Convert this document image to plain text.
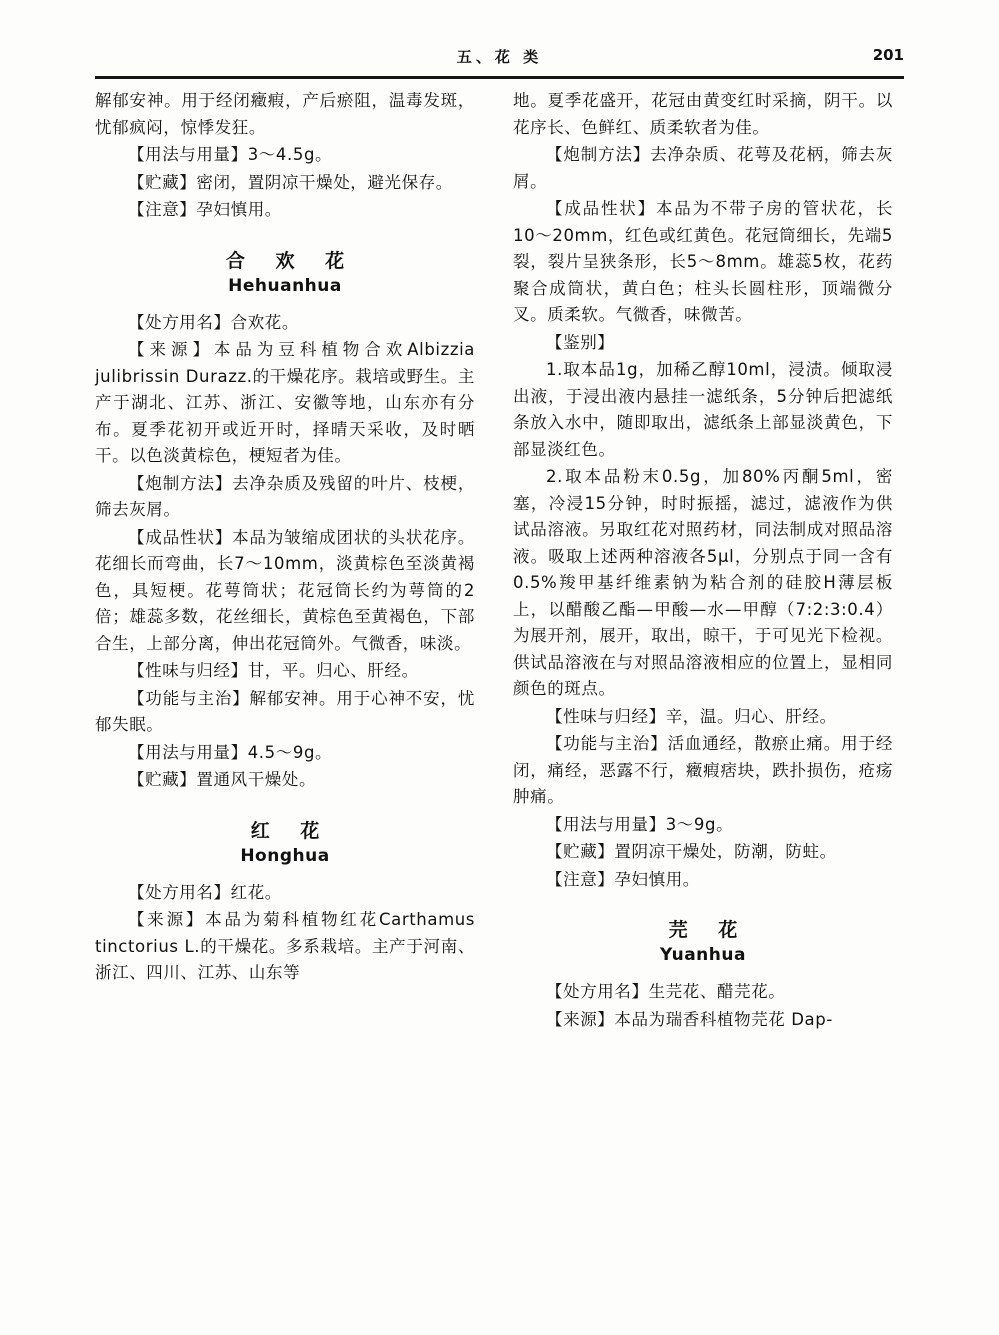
五、花 类	201

解郁安神。用于经闭癥瘕，产后瘀阻，温毒发斑，忧郁疯闷，惊悸发狂。

【用法与用量】3～4.5g。

【贮藏】密闭，置阴凉干燥处，避光保存。

【注意】孕妇慎用。

合 欢 花
Hehuanhua

【处方用名】合欢花。

【来源】本品为豆科植物合欢Albizzia julibrissin Durazz.的干燥花序。栽培或野生。主产于湖北、江苏、浙江、安徽等地，山东亦有分布。夏季花初开或近开时，择晴天采收，及时晒干。以色淡黄棕色，梗短者为佳。

【炮制方法】去净杂质及残留的叶片、枝梗，筛去灰屑。

【成品性状】本品为皱缩成团状的头状花序。花细长而弯曲，长7～10mm，淡黄棕色至淡黄褐色，具短梗。花萼筒状；花冠筒长约为萼筒的2倍；雄蕊多数，花丝细长，黄棕色至黄褐色，下部合生，上部分离，伸出花冠筒外。气微香，味淡。

【性味与归经】甘，平。归心、肝经。

【功能与主治】解郁安神。用于心神不安，忧郁失眠。

【用法与用量】4.5～9g。

【贮藏】置通风干燥处。

红 花
Honghua

【处方用名】红花。

【来源】本品为菊科植物红花Carthamus tinctorius L.的干燥花。多系栽培。主产于河南、浙江、四川、江苏、山东等

地。夏季花盛开，花冠由黄变红时采摘，阴干。以花序长、色鲜红、质柔软者为佳。

【炮制方法】去净杂质、花萼及花柄，筛去灰屑。

【成品性状】本品为不带子房的管状花，长10～20mm，红色或红黄色。花冠筒细长，先端5裂，裂片呈狭条形，长5～8mm。雄蕊5枚，花药聚合成筒状，黄白色；柱头长圆柱形，顶端微分叉。质柔软。气微香，味微苦。

【鉴别】

1.取本品1g，加稀乙醇10ml，浸渍。倾取浸出液，于浸出液内悬挂一滤纸条，5分钟后把滤纸条放入水中，随即取出，滤纸条上部显淡黄色，下部显淡红色。

2.取本品粉末0.5g，加80%丙酮5ml，密塞，冷浸15分钟，时时振摇，滤过，滤液作为供试品溶液。另取红花对照药材，同法制成对照品溶液。吸取上述两种溶液各5μl，分别点于同一含有0.5%羧甲基纤维素钠为粘合剂的硅胶H薄层板上，以醋酸乙酯—甲酸—水—甲醇（7:2:3:0.4）为展开剂，展开，取出，晾干，于可见光下检视。供试品溶液在与对照品溶液相应的位置上，显相同颜色的斑点。

【性味与归经】辛，温。归心、肝经。

【功能与主治】活血通经，散瘀止痛。用于经闭，痛经，恶露不行，癥瘕痞块，跌扑损伤，疮疡肿痛。

【用法与用量】3～9g。

【贮藏】置阴凉干燥处，防潮，防蛀。

【注意】孕妇慎用。

芫 花
Yuanhua

【处方用名】生芫花、醋芫花。

【来源】本品为瑞香科植物芫花 Dap-
